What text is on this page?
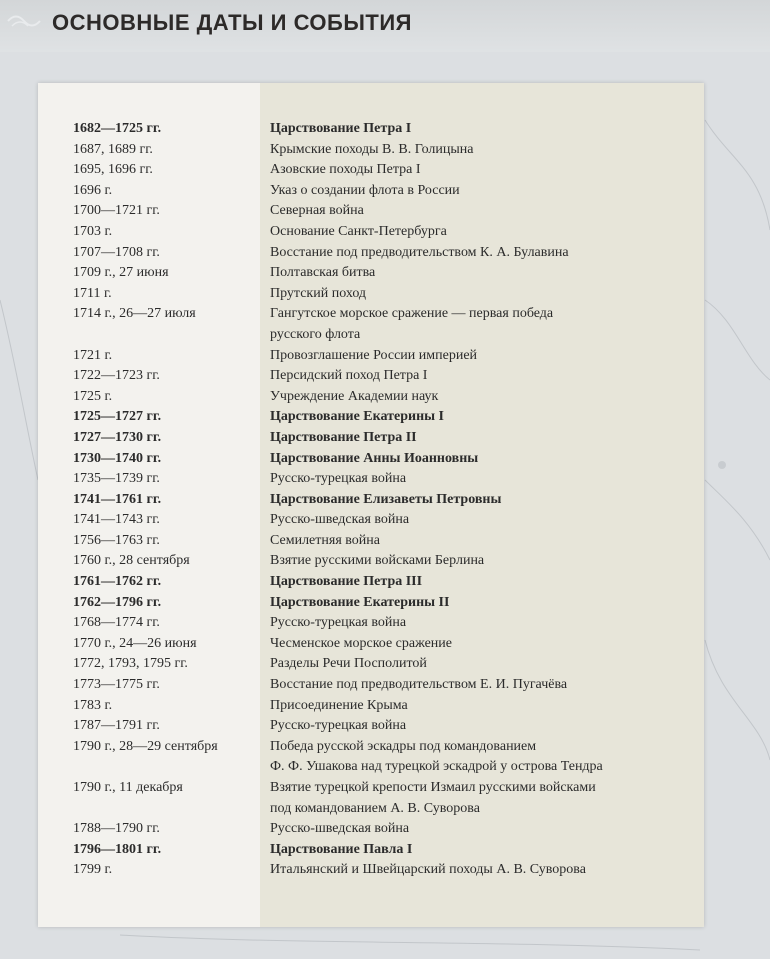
ОСНОВНЫЕ ДАТЫ И СОБЫТИЯ
1682—1725 гг.	Царствование Петра I
1687, 1689 гг.	Крымские походы В. В. Голицына
1695, 1696 гг.	Азовские походы Петра I
1696 г.	Указ о создании флота в России
1700—1721 гг.	Северная война
1703 г.	Основание Санкт-Петербурга
1707—1708 гг.	Восстание под предводительством К. А. Булавина
1709 г., 27 июня	Полтавская битва
1711 г.	Прутский поход
1714 г., 26—27 июля	Гангутское морское сражение — первая победа
русского флота
1721 г.	Провозглашение России империей
1722—1723 гг.	Персидский поход Петра I
1725 г.	Учреждение Академии наук
1725—1727 гг.	Царствование Екатерины I
1727—1730 гг.	Царствование Петра II
1730—1740 гг.	Царствование Анны Иоанновны
1735—1739 гг.	Русско-турецкая война
1741—1761 гг.	Царствование Елизаветы Петровны
1741—1743 гг.	Русско-шведская война
1756—1763 гг.	Семилетняя война
1760 г., 28 сентября	Взятие русскими войсками Берлина
1761—1762 гг.	Царствование Петра III
1762—1796 гг.	Царствование Екатерины II
1768—1774 гг.	Русско-турецкая война
1770 г., 24—26 июня	Чесменское морское сражение
1772, 1793, 1795 гг.	Разделы Речи Посполитой
1773—1775 гг.	Восстание под предводительством Е. И. Пугачёва
1783 г.	Присоединение Крыма
1787—1791 гг.	Русско-турецкая война
1790 г., 28—29 сентября	Победа русской эскадры под командованием
Ф. Ф. Ушакова над турецкой эскадрой у острова Тендра
1790 г., 11 декабря	Взятие турецкой крепости Измаил русскими войсками
под командованием А. В. Суворова
1788—1790 гг.	Русско-шведская война
1796—1801 гг.	Царствование Павла I
1799 г.	Итальянский и Швейцарский походы А. В. Суворова
